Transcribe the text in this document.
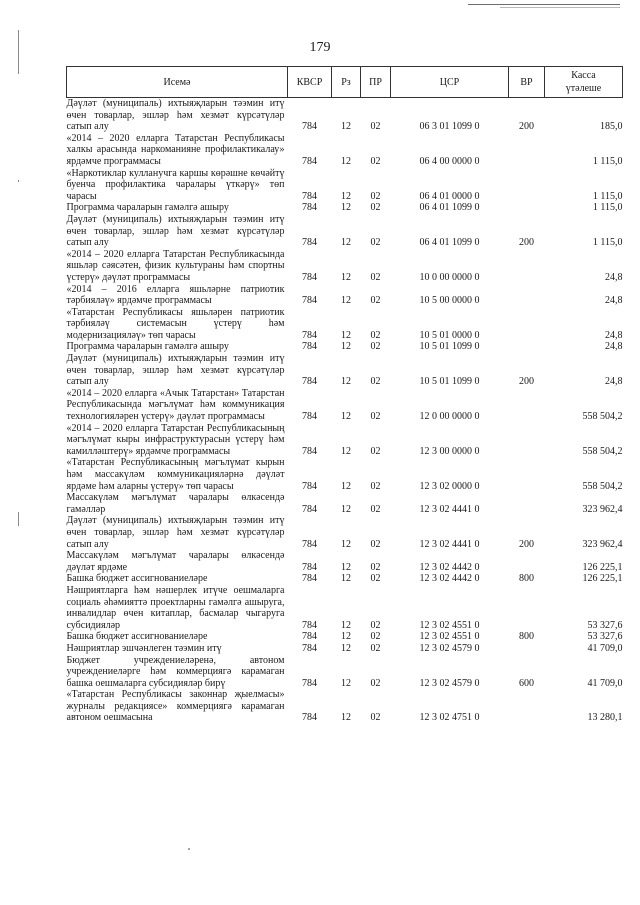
179
Исемә	КВСР	Рз	ПР	ЦСР	ВР	Касса
үтәлеше

Дәүләт (муниципаль) ихтыяҗларын тәэмин итү өчен товарлар, эшләр һәм хезмәт күрсәтүләр сатып алу	784	12	02	06 3 01 1099 0	200	185,0
«2014 – 2020 елларга Татарстан Республикасы халкы арасында наркоманияне профилактикалау» ярдәмче программасы	784	12	02	06 4 00 0000 0		1 115,0
«Наркотиклар кулланучга каршы көрәшне көчәйтү буенча профилактика чаралары үткәрү» төп чарасы	784	12	02	06 4 01 0000 0		1 115,0
Программа чараларын гамәлгә ашыру	784	12	02	06 4 01 1099 0		1 115,0
Дәүләт (муниципаль) ихтыяҗларын тәэмин итү өчен товарлар, эшләр һәм хезмәт күрсәтүләр сатып алу	784	12	02	06 4 01 1099 0	200	1 115,0
«2014 – 2020 елларга Татарстан Республикасында яшьләр сәясәтен, физик культураны һәм спортны үстерү» дәүләт программасы	784	12	02	10 0 00 0000 0		24,8
«2014 – 2016 елларга яшьләрне патриотик тәрбияләү» ярдәмче программасы	784	12	02	10 5 00 0000 0		24,8
«Татарстан Республикасы яшьләрен патриотик тәрбияләү системасын үстерү һәм модернизацияләү» төп чарасы	784	12	02	10 5 01 0000 0		24,8
Программа чараларын гамәлгә ашыру	784	12	02	10 5 01 1099 0		24,8
Дәүләт (муниципаль) ихтыяҗларын тәэмин итү өчен товарлар, эшләр һәм хезмәт күрсәтүләр сатып алу	784	12	02	10 5 01 1099 0	200	24,8
«2014 – 2020 елларга «Ачык Татарстан» Татарстан Республикасында мәгълүмат һәм коммуникация технологияләрен үстерү» дәүләт программасы	784	12	02	12 0 00 0000 0		558 504,2
«2014 – 2020 елларга Татарстан Республикасының мәгълүмат кыры инфраструктурасын үстерү һәм камилләштерү» ярдәмче программасы	784	12	02	12 3 00 0000 0		558 504,2
«Татарстан Республикасының мәгълүмат кырын һәм массакүләм коммуникацияләрнә дәүләт ярдәме һәм аларны үстерү» төп чарасы	784	12	02	12 3 02 0000 0		558 504,2
Массакүләм мәгълүмат чаралары өлкәсендә гамәлләр	784	12	02	12 3 02 4441 0		323 962,4
Дәүләт (муниципаль) ихтыяҗларын тәэмин итү өчен товарлар, эшләр һәм хезмәт күрсәтүләр сатып алу	784	12	02	12 3 02 4441 0	200	323 962,4
Массакүләм мәгълүмат чаралары өлкәсендә дәүләт ярдәме	784	12	02	12 3 02 4442 0		126 225,1
Башка бюджет ассигнованиеләре	784	12	02	12 3 02 4442 0	800	126 225,1
Нәшриятларга һәм нәшерлек итүче оешмаларга социаль әһәмияттә проектларны гамәлгә ашыруга, инвалидлар өчен китаплар, басмалар чыгаруга субсидияләр	784	12	02	12 3 02 4551 0		53 327,6
Башка бюджет ассигнованиеләре	784	12	02	12 3 02 4551 0	800	53 327,6
Нәшриятлар эшчәнлеген тәэмин итү	784	12	02	12 3 02 4579 0		41 709,0
Бюджет учреждениеләренә, автоном учреждениеләрге һәм коммерциягә карамаган башка оешмаларга субсидияләр бирү	784	12	02	12 3 02 4579 0	600	41 709,0
«Татарстан Республикасы законнар җыелмасы» журналы редакциясе» коммерциягә карамаган автоном оешмасына	784	12	02	12 3 02 4751 0		13 280,1
